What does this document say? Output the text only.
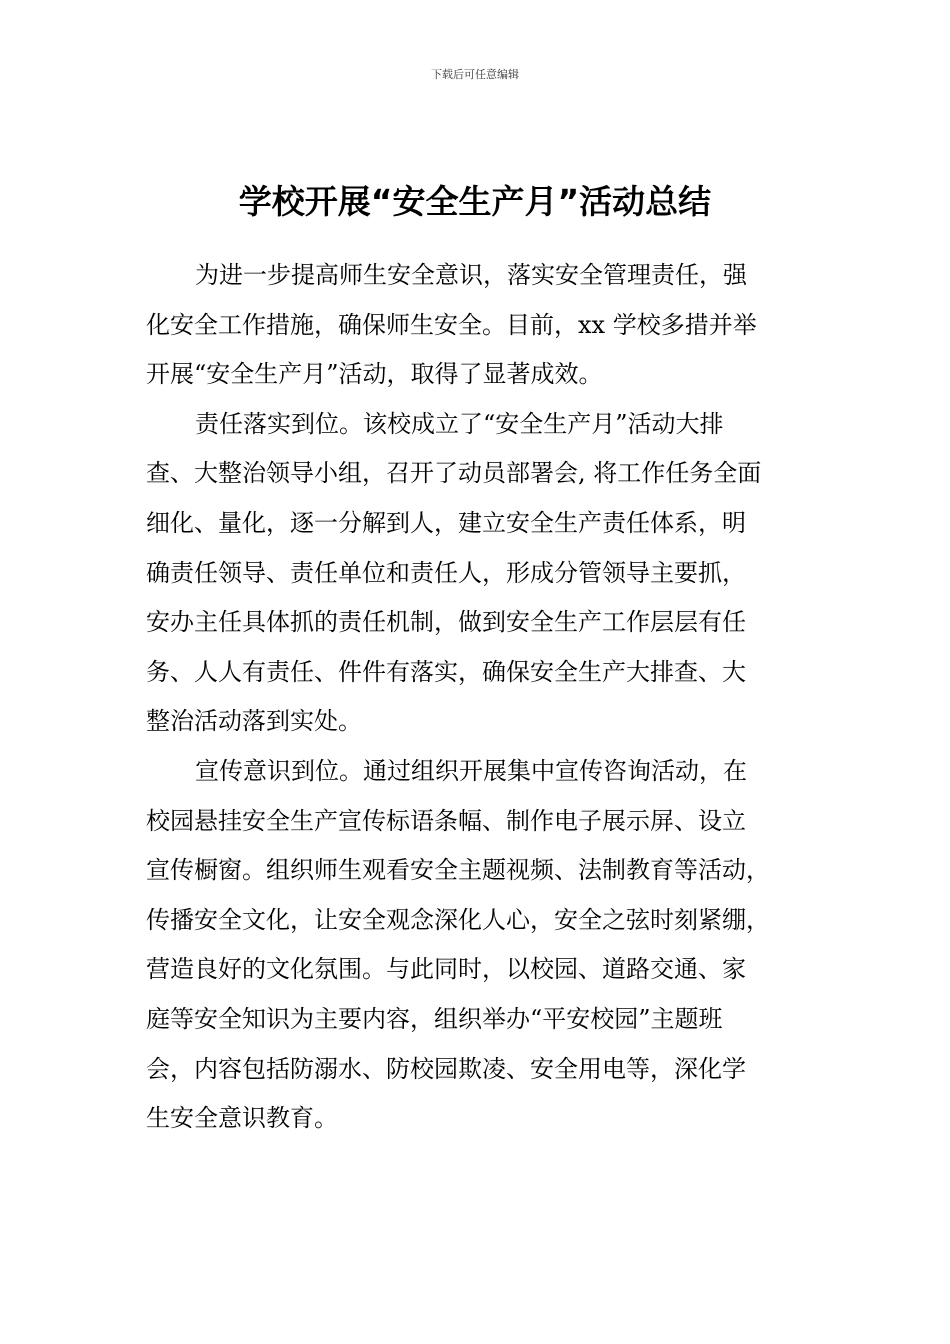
下载后可任意编辑
学校开展“安全生产月”活动总结
为进一步提高师生安全意识，落实安全管理责任，强
化安全工作措施，确保师生安全。目前，xx 学校多措并举
开展“安全生产月”活动，取得了显著成效。
责任落实到位。该校成立了“安全生产月”活动大排
查、大整治领导小组，召开了动员部署会, 将工作任务全面
细化、量化，逐一分解到人，建立安全生产责任体系，明
确责任领导、责任单位和责任人，形成分管领导主要抓，
安办主任具体抓的责任机制，做到安全生产工作层层有任
务、人人有责任、件件有落实，确保安全生产大排查、大
整治活动落到实处。
宣传意识到位。通过组织开展集中宣传咨询活动，在
校园悬挂安全生产宣传标语条幅、制作电子展示屏、设立
宣传橱窗。组织师生观看安全主题视频、法制教育等活动，
传播安全文化，让安全观念深化人心，安全之弦时刻紧绷，
营造良好的文化氛围。与此同时，以校园、道路交通、家
庭等安全知识为主要内容，组织举办“平安校园”主题班
会，内容包括防溺水、防校园欺凌、安全用电等，深化学
生安全意识教育。
